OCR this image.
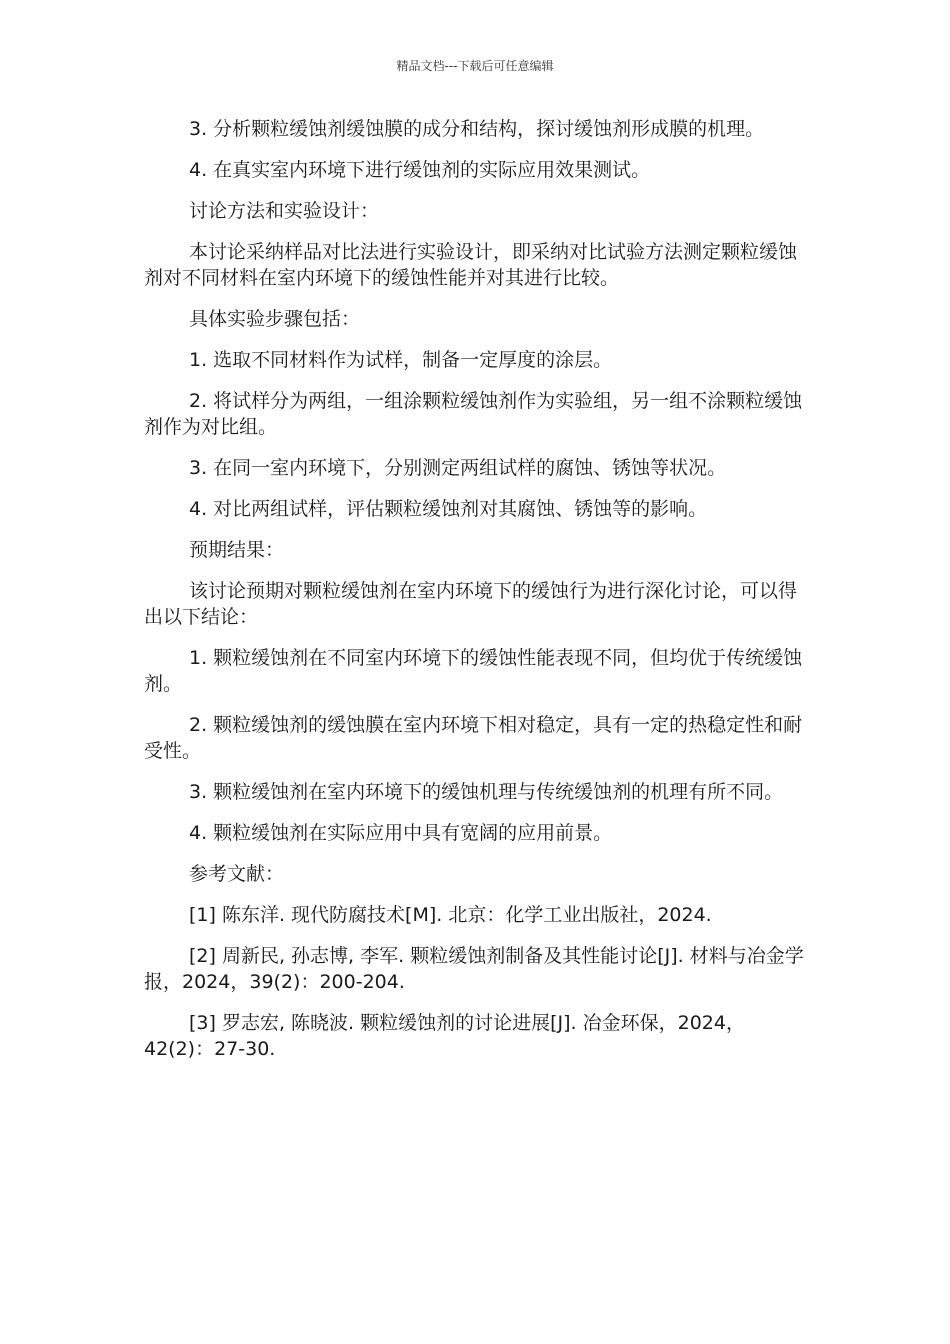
精品文档---下载后可任意编辑

3. 分析颗粒缓蚀剂缓蚀膜的成分和结构，探讨缓蚀剂形成膜的机理。

4. 在真实室内环境下进行缓蚀剂的实际应用效果测试。

讨论方法和实验设计：

本讨论采纳样品对比法进行实验设计，即采纳对比试验方法测定颗粒缓蚀剂对不同材料在室内环境下的缓蚀性能并对其进行比较。

具体实验步骤包括：

1. 选取不同材料作为试样，制备一定厚度的涂层。

2. 将试样分为两组，一组涂颗粒缓蚀剂作为实验组，另一组不涂颗粒缓蚀剂作为对比组。

3. 在同一室内环境下，分别测定两组试样的腐蚀、锈蚀等状况。

4. 对比两组试样，评估颗粒缓蚀剂对其腐蚀、锈蚀等的影响。

预期结果：

该讨论预期对颗粒缓蚀剂在室内环境下的缓蚀行为进行深化讨论，可以得出以下结论：

1. 颗粒缓蚀剂在不同室内环境下的缓蚀性能表现不同，但均优于传统缓蚀剂。

2. 颗粒缓蚀剂的缓蚀膜在室内环境下相对稳定，具有一定的热稳定性和耐受性。

3. 颗粒缓蚀剂在室内环境下的缓蚀机理与传统缓蚀剂的机理有所不同。

4. 颗粒缓蚀剂在实际应用中具有宽阔的应用前景。

参考文献：

[1] 陈东洋. 现代防腐技术[M]. 北京：化学工业出版社，2024.

[2] 周新民, 孙志博, 李军. 颗粒缓蚀剂制备及其性能讨论[J]. 材料与冶金学报，2024，39(2)：200-204.

[3] 罗志宏, 陈晓波. 颗粒缓蚀剂的讨论进展[J]. 冶金环保，2024，42(2)：27-30.
